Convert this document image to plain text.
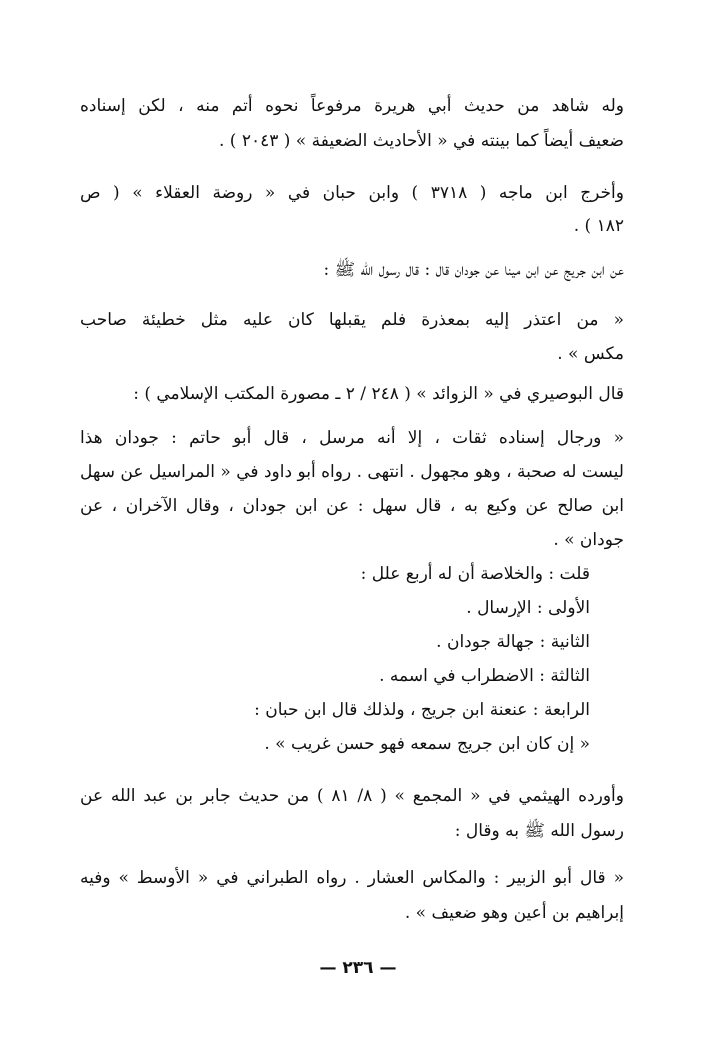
وله شاهد من حديث أبي هريرة مرفوعاً نحوه أتم منه ، لكن إسناده
ضعيف أيضاً كما بينته في « الأحاديث الضعيفة » ( ٢٠٤٣ ) .
وأخرج ابن ماجه ( ٣٧١٨ ) وابن حبان في « روضة العقلاء » ( ص
١٨٢ ) .
عن ابن جريج عن ابن مينا عن جودان قال : قال رسول الله ﷺ :
« من اعتذر إليه بمعذرة فلم يقبلها كان عليه مثل خطيئة صاحب
مكس » .
قال البوصيري في « الزوائد » ( ٢٤٨ / ٢ ـ مصورة المكتب الإسلامي ) :
« ورجال إسناده ثقات ، إلا أنه مرسل ، قال أبو حاتم : جودان هذا
ليست له صحبة ، وهو مجهول . انتهى . رواه أبو داود في « المراسيل عن سهل
ابن صالح عن وكيع به ، قال سهل : عن ابن جودان ، وقال الآخران ، عن
جودان » .
قلت : والخلاصة أن له أربع علل :
الأولى : الإرسال .
الثانية : جهالة جودان .
الثالثة : الاضطراب في اسمه .
الرابعة : عنعنة ابن جريج ، ولذلك قال ابن حبان :
« إن كان ابن جريج سمعه فهو حسن غريب » .
وأورده الهيثمي في « المجمع » ( ٨/ ٨١ ) من حديث جابر بن عبد الله عن
رسول الله ﷺ به وقال :
« قال أبو الزبير : والمكاس العشار . رواه الطبراني في « الأوسط » وفيه
إبراهيم بن أعين وهو ضعيف » .
— ٢٣٦ —
